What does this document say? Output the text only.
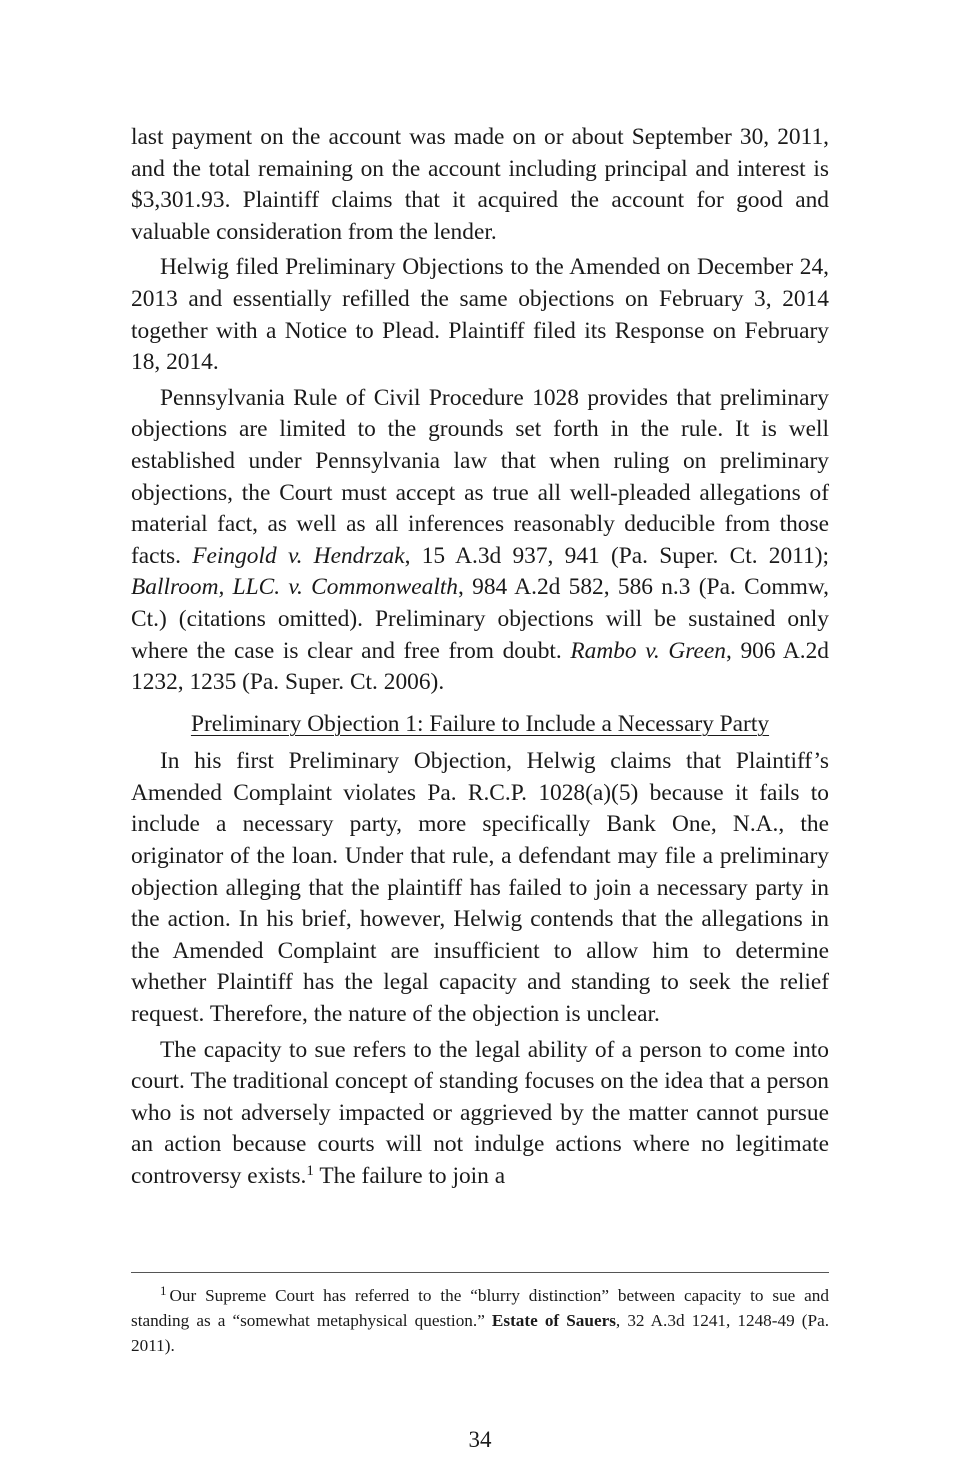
last payment on the account was made on or about September 30, 2011, and the total remaining on the account including principal and interest is $3,301.93. Plaintiff claims that it acquired the account for good and valuable consideration from the lender.

Helwig filed Preliminary Objections to the Amended on December 24, 2013 and essentially refilled the same objections on February 3, 2014 together with a Notice to Plead. Plaintiff filed its Response on February 18, 2014.

Pennsylvania Rule of Civil Procedure 1028 provides that preliminary objections are limited to the grounds set forth in the rule. It is well established under Pennsylvania law that when ruling on preliminary objections, the Court must accept as true all well-pleaded allegations of material fact, as well as all inferences reasonably deducible from those facts. Feingold v. Hendrzak, 15 A.3d 937, 941 (Pa. Super. Ct. 2011); Ballroom, LLC. v. Commonwealth, 984 A.2d 582, 586 n.3 (Pa. Commw, Ct.) (citations omitted). Preliminary objections will be sustained only where the case is clear and free from doubt. Rambo v. Green, 906 A.2d 1232, 1235 (Pa. Super. Ct. 2006).

Preliminary Objection 1: Failure to Include a Necessary Party

In his first Preliminary Objection, Helwig claims that Plaintiff’s Amended Complaint violates Pa. R.C.P. 1028(a)(5) because it fails to include a necessary party, more specifically Bank One, N.A., the originator of the loan. Under that rule, a defendant may file a preliminary objection alleging that the plaintiff has failed to join a necessary party in the action. In his brief, however, Helwig contends that the allegations in the Amended Complaint are insufficient to allow him to determine whether Plaintiff has the legal capacity and standing to seek the relief request. Therefore, the nature of the objection is unclear.

The capacity to sue refers to the legal ability of a person to come into court. The traditional concept of standing focuses on the idea that a person who is not adversely impacted or aggrieved by the matter cannot pursue an action because courts will not indulge actions where no legitimate controversy exists.$^1$ The failure to join a

$^1$ Our Supreme Court has referred to the “blurry distinction” between capacity to sue and standing as a “somewhat metaphysical question.” Estate of Sauers, 32 A.3d 1241, 1248-49 (Pa. 2011).

34
